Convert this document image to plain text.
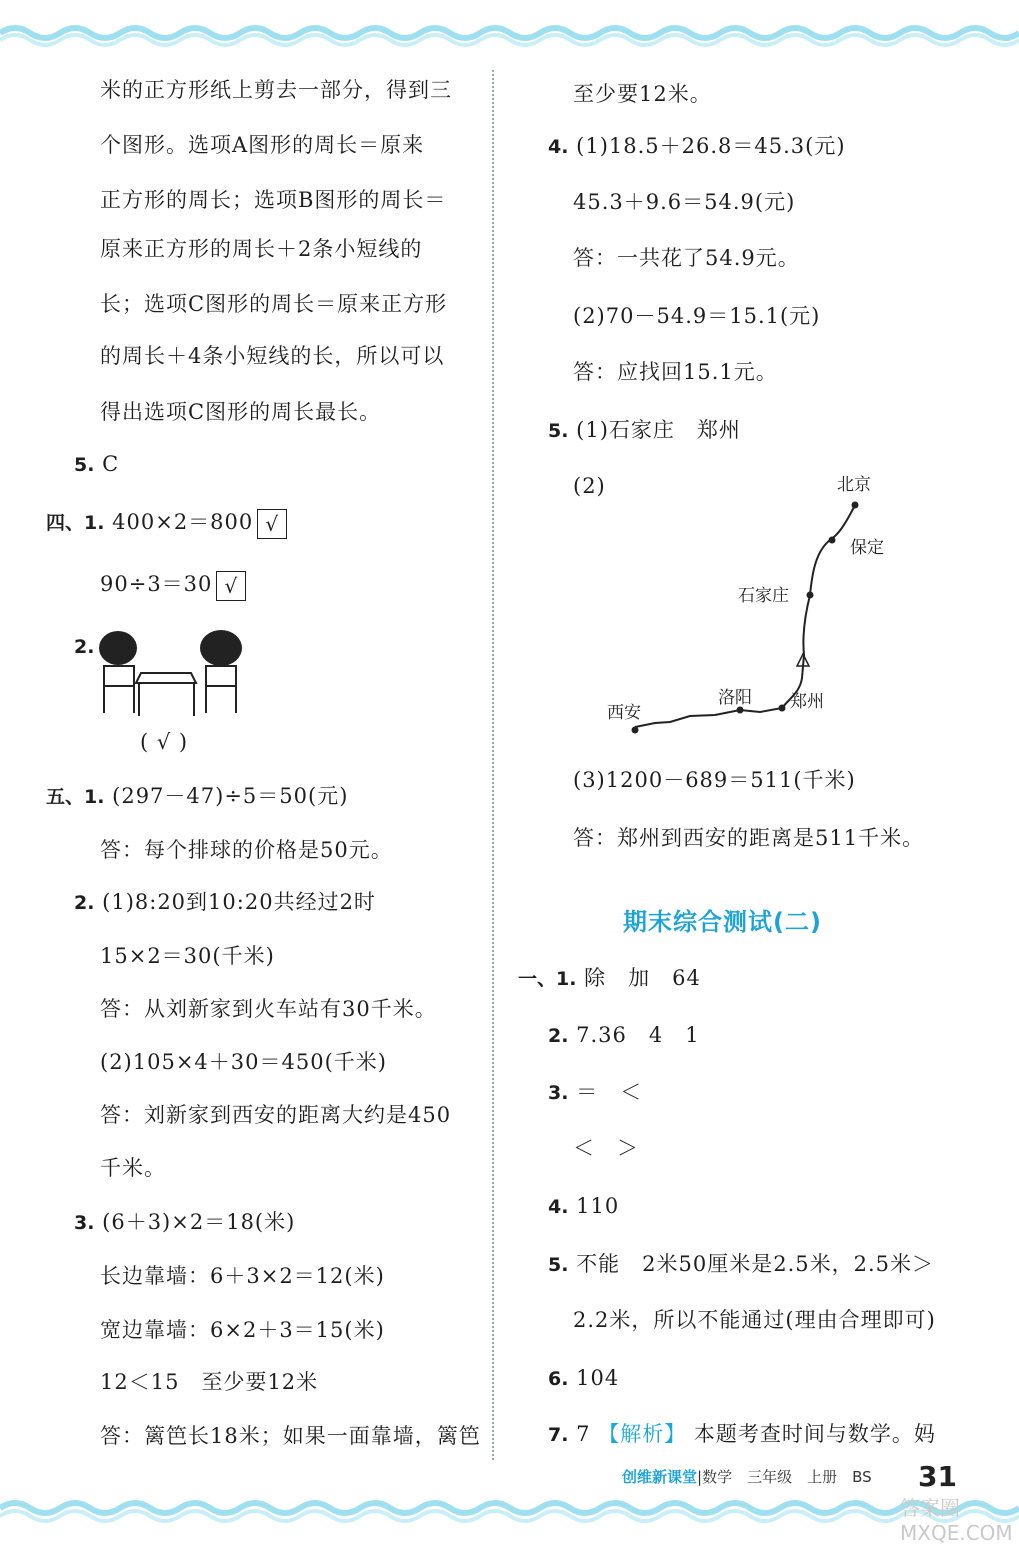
米的正方形纸上剪去一部分，得到三
个图形。选项A图形的周长＝原来
正方形的周长；选项B图形的周长＝
原来正方形的周长＋2条小短线的
长；选项C图形的周长＝原来正方形
的周长＋4条小短线的长，所以可以
得出选项C图形的周长最长。
5. C
四、1. 400×2＝800 √
90÷3＝30 √
2.
( √ )
五、1. (297－47)÷5＝50(元)
答：每个排球的价格是50元。
2. (1)8:20到10:20共经过2时
15×2＝30(千米)
答：从刘新家到火车站有30千米。
(2)105×4＋30＝450(千米)
答：刘新家到西安的距离大约是450
千米。
3. (6＋3)×2＝18(米)
长边靠墙：6＋3×2＝12(米)
宽边靠墙：6×2＋3＝15(米)
12＜15　至少要12米
答：篱笆长18米；如果一面靠墙，篱笆
至少要12米。
4. (1)18.5＋26.8＝45.3(元)
45.3＋9.6＝54.9(元)
答：一共花了54.9元。
(2)70－54.9＝15.1(元)
答：应找回15.1元。
5. (1)石家庄　郑州
(2)	北京
保定
石家庄
洛阳 郑州
西安
(3)1200－689＝511(千米)
答：郑州到西安的距离是511千米。
期末综合测试(二)
一、1. 除　加　64
2. 7.36　4　1
3. ＝　＜
＜　＞
4. 110
5. 不能　2米50厘米是2.5米，2.5米＞
2.2米，所以不能通过(理由合理即可)
6. 104
7. 7 【解析】 本题考查时间与数学。妈
创维新课堂|数学　三年级　上册　BS 31
答案圈 MXQE.COM
